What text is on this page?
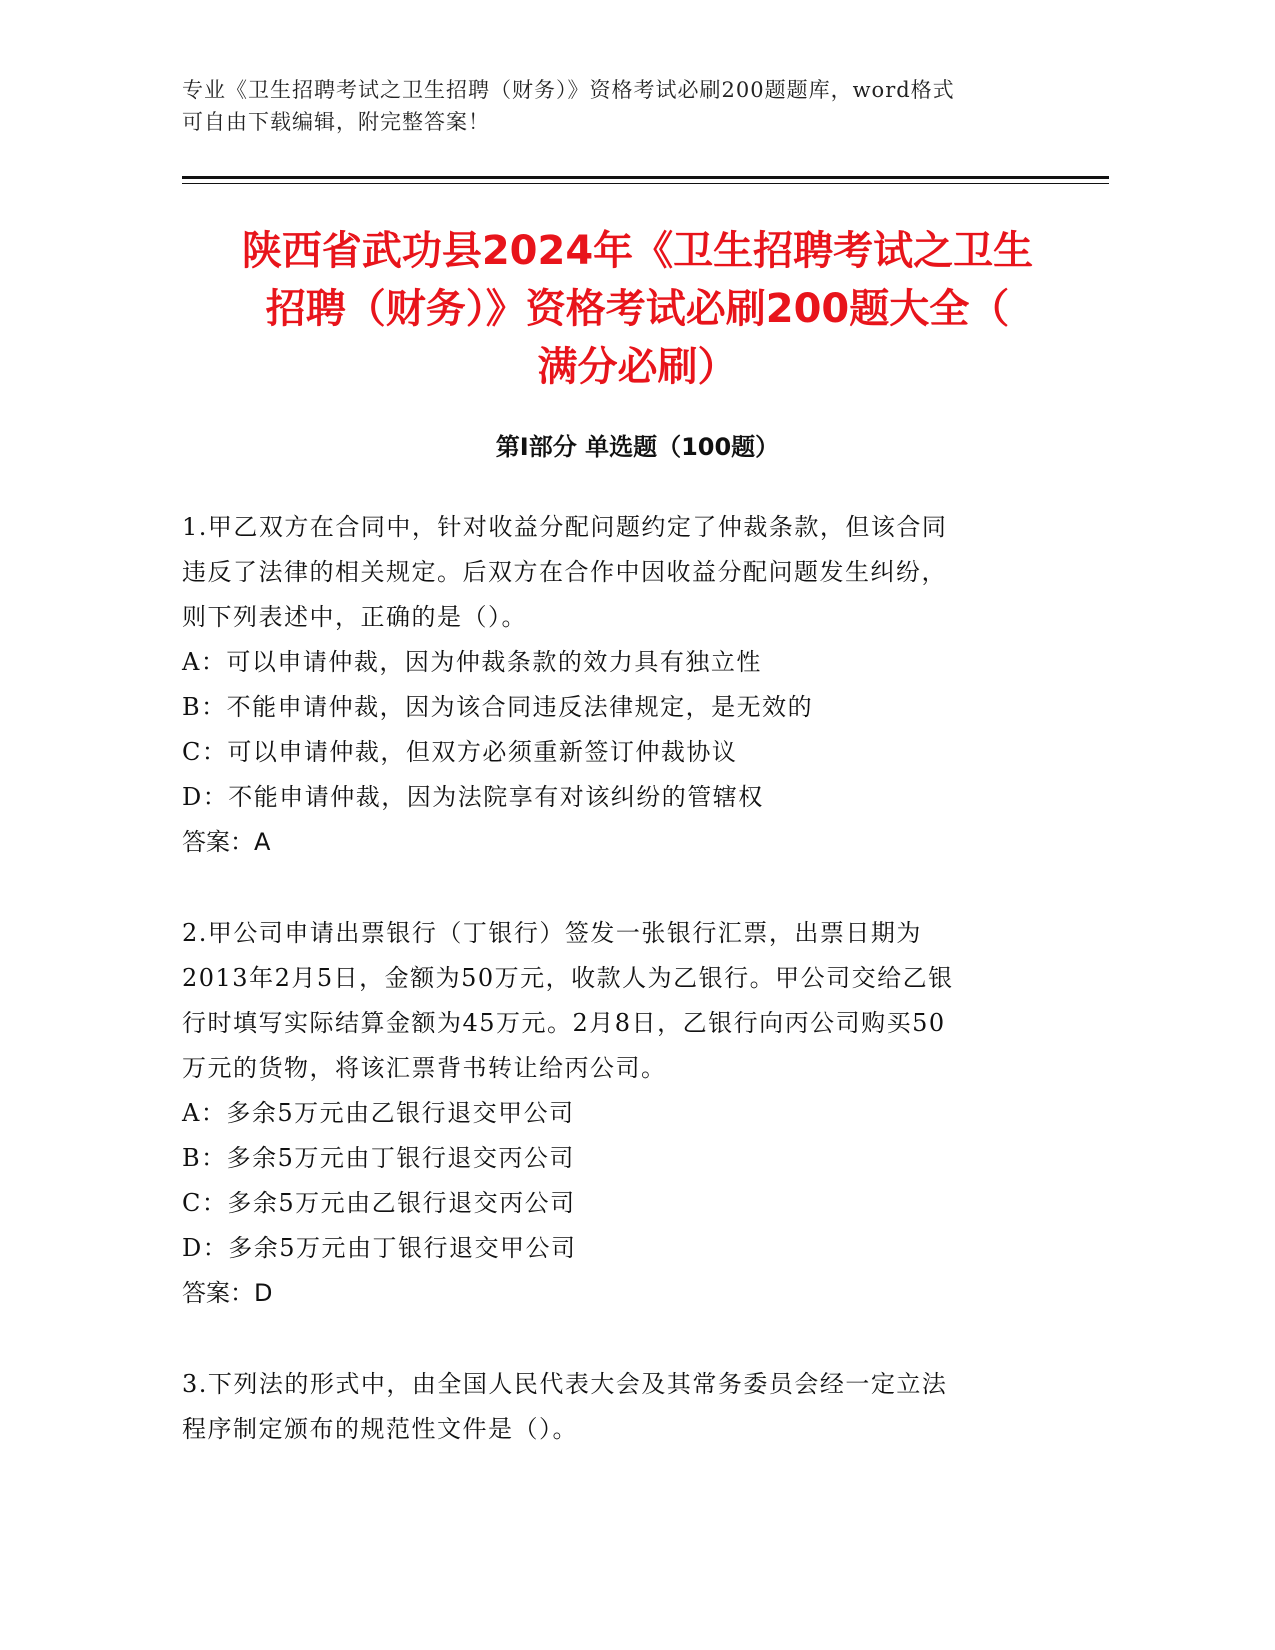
专业《卫生招聘考试之卫生招聘（财务）》资格考试必刷200题题库，word格式
可自由下载编辑，附完整答案！
陕西省武功县2024年《卫生招聘考试之卫生
招聘（财务）》资格考试必刷200题大全（
满分必刷）
第Ⅰ部分 单选题（100题）

1.甲乙双方在合同中，针对收益分配问题约定了仲裁条款，但该合同

违反了法律的相关规定。后双方在合作中因收益分配问题发生纠纷，

则下列表述中，正确的是（）。

A：可以申请仲裁，因为仲裁条款的效力具有独立性

B：不能申请仲裁，因为该合同违反法律规定，是无效的

C：可以申请仲裁，但双方必须重新签订仲裁协议

D：不能申请仲裁，因为法院享有对该纠纷的管辖权

答案：A

2.甲公司申请出票银行（丁银行）签发一张银行汇票，出票日期为

2013年2月5日，金额为50万元，收款人为乙银行。甲公司交给乙银

行时填写实际结算金额为45万元。2月8日，乙银行向丙公司购买50

万元的货物，将该汇票背书转让给丙公司。

A：多余5万元由乙银行退交甲公司

B：多余5万元由丁银行退交丙公司

C：多余5万元由乙银行退交丙公司

D：多余5万元由丁银行退交甲公司

答案：D

3.下列法的形式中，由全国人民代表大会及其常务委员会经一定立法

程序制定颁布的规范性文件是（）。
